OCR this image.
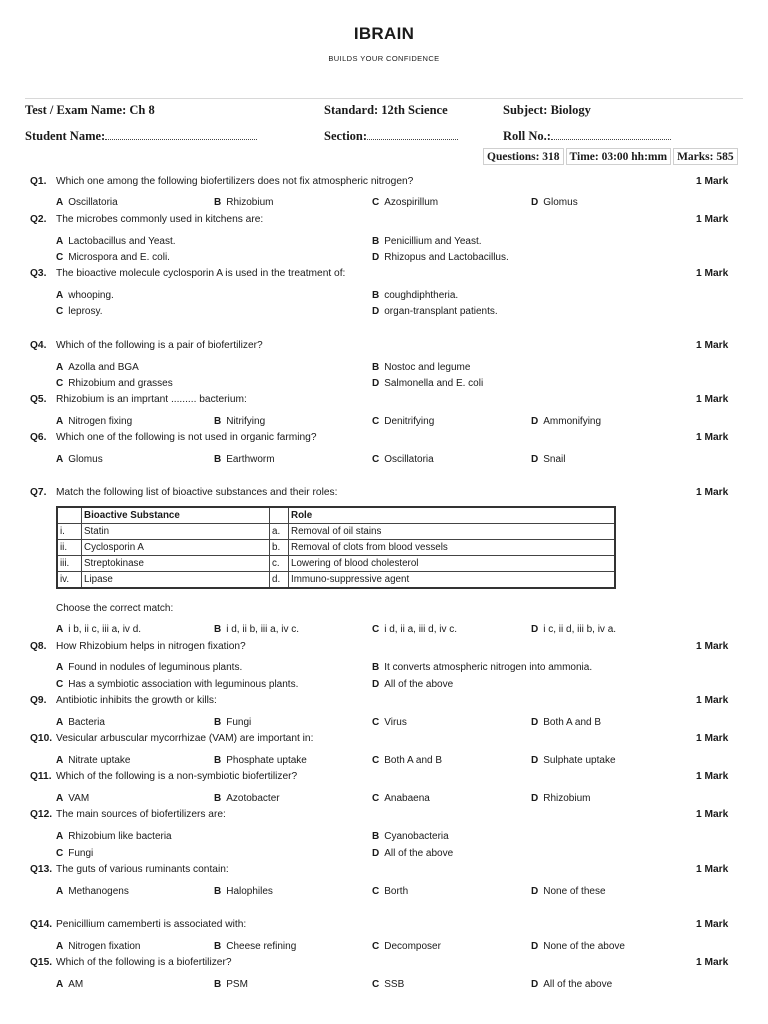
IBRAIN
BUILDS YOUR CONFIDENCE
Test / Exam Name: Ch 8	Standard: 12th Science	Subject: Biology
Student Name:	Section:	Roll No.:
Questions: 318 Time: 03:00 hh:mm Marks: 585
Q1. Which one among the following biofertilizers does not fix atmospheric nitrogen?	1 Mark
A Oscillatoria	B Rhizobium	C Azospirillum	D Glomus
Q2. The microbes commonly used in kitchens are:	1 Mark
A Lactobacillus and Yeast.	B Penicillium and Yeast.
C Microspora and E. coli.	D Rhizopus and Lactobacillus.
Q3. The bioactive molecule cyclosporin A is used in the treatment of:	1 Mark
A whooping.	B coughdiphtheria.
C leprosy.	D organ-transplant patients.
Q4. Which of the following is a pair of biofertilizer?	1 Mark
A Azolla and BGA	B Nostoc and legume
C Rhizobium and grasses	D Salmonella and E. coli
Q5. Rhizobium is an imprtant ......... bacterium:	1 Mark
A Nitrogen fixing	B Nitrifying	C Denitrifying	D Ammonifying
Q6. Which one of the following is not used in organic farming?	1 Mark
A Glomus	B Earthworm	C Oscillatoria	D Snail
Q7. Match the following list of bioactive substances and their roles:	1 Mark
	Bioactive Substance		Role
i.	Statin	a.	Removal of oil stains
ii.	Cyclosporin A	b.	Removal of clots from blood vessels
iii.	Streptokinase	c.	Lowering of blood cholesterol
iv.	Lipase	d.	Immuno-suppressive agent
Choose the correct match:
A i b, ii c, iii a, iv d.	B i d, ii b, iii a, iv c.	C i d, ii a, iii d, iv c.	D i c, ii d, iii b, iv a.
Q8. How Rhizobium helps in nitrogen fixation?	1 Mark
A Found in nodules of leguminous plants.	B It converts atmospheric nitrogen into ammonia.
C Has a symbiotic association with leguminous plants.	D All of the above
Q9. Antibiotic inhibits the growth or kills:	1 Mark
A Bacteria	B Fungi	C Virus	D Both A and B
Q10. Vesicular arbuscular mycorrhizae (VAM) are important in:	1 Mark
A Nitrate uptake	B Phosphate uptake	C Both A and B	D Sulphate uptake
Q11. Which of the following is a non-symbiotic biofertilizer?	1 Mark
A VAM	B Azotobacter	C Anabaena	D Rhizobium
Q12. The main sources of biofertilizers are:	1 Mark
A Rhizobium like bacteria	B Cyanobacteria
C Fungi	D All of the above
Q13. The guts of various ruminants contain:	1 Mark
A Methanogens	B Halophiles	C Borth	D None of these
Q14. Penicillium camemberti is associated with:	1 Mark
A Nitrogen fixation	B Cheese refining	C Decomposer	D None of the above
Q15. Which of the following is a biofertilizer?	1 Mark
A AM	B PSM	C SSB	D All of the above
